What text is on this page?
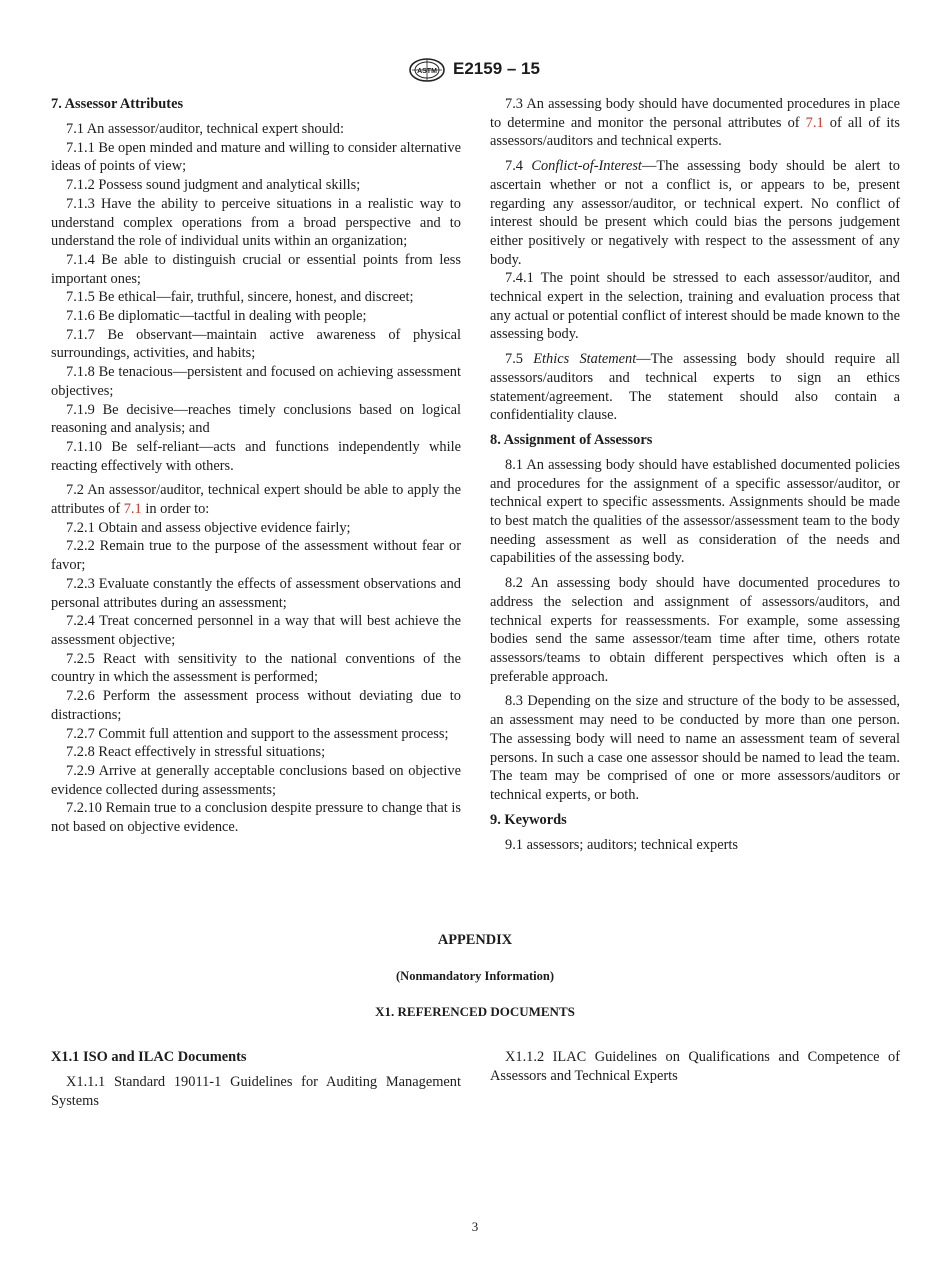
ASTM E2159 – 15
7. Assessor Attributes

7.1 An assessor/auditor, technical expert should:

7.1.1 Be open minded and mature and willing to consider alternative ideas of points of view;

7.1.2 Possess sound judgment and analytical skills;

7.1.3 Have the ability to perceive situations in a realistic way to understand complex operations from a broad perspective and to understand the role of individual units within an organization;

7.1.4 Be able to distinguish crucial or essential points from less important ones;

7.1.5 Be ethical—fair, truthful, sincere, honest, and discreet;

7.1.6 Be diplomatic—tactful in dealing with people;

7.1.7 Be observant—maintain active awareness of physical surroundings, activities, and habits;

7.1.8 Be tenacious—persistent and focused on achieving assessment objectives;

7.1.9 Be decisive—reaches timely conclusions based on logical reasoning and analysis; and

7.1.10 Be self-reliant—acts and functions independently while reacting effectively with others.

7.2 An assessor/auditor, technical expert should be able to apply the attributes of 7.1 in order to:

7.2.1 Obtain and assess objective evidence fairly;

7.2.2 Remain true to the purpose of the assessment without fear or favor;

7.2.3 Evaluate constantly the effects of assessment observations and personal attributes during an assessment;

7.2.4 Treat concerned personnel in a way that will best achieve the assessment objective;

7.2.5 React with sensitivity to the national conventions of the country in which the assessment is performed;

7.2.6 Perform the assessment process without deviating due to distractions;

7.2.7 Commit full attention and support to the assessment process;

7.2.8 React effectively in stressful situations;

7.2.9 Arrive at generally acceptable conclusions based on objective evidence collected during assessments;

7.2.10 Remain true to a conclusion despite pressure to change that is not based on objective evidence.

7.3 An assessing body should have documented procedures in place to determine and monitor the personal attributes of 7.1 of all of its assessors/auditors and technical experts.

7.4 Conflict-of-Interest—The assessing body should be alert to ascertain whether or not a conflict is, or appears to be, present regarding any assessor/auditor, or technical expert. No conflict of interest should be present which could bias the persons judgement either positively or negatively with respect to the assessment of any body.

7.4.1 The point should be stressed to each assessor/auditor, and technical expert in the selection, training and evaluation process that any actual or potential conflict of interest should be made known to the assessing body.

7.5 Ethics Statement—The assessing body should require all assessors/auditors and technical experts to sign an ethics statement/agreement. The statement should also contain a confidentiality clause.

8. Assignment of Assessors

8.1 An assessing body should have established documented policies and procedures for the assignment of a specific assessor/auditor, or technical expert to specific assessments. Assignments should be made to best match the qualities of the assessor/assessment team to the body needing assessment as well as consideration of the needs and capabilities of the assessing body.

8.2 An assessing body should have documented procedures to address the selection and assignment of assessors/auditors, and technical experts for reassessments. For example, some assessing bodies send the same assessor/team time after time, others rotate assessors/teams to obtain different perspectives which often is a preferable approach.

8.3 Depending on the size and structure of the body to be assessed, an assessment may need to be conducted by more than one person. The assessing body will need to name an assessment team of several persons. In such a case one assessor should be named to lead the team. The team may be comprised of one or more assessors/auditors or technical experts, or both.

9. Keywords

9.1 assessors; auditors; technical experts

APPENDIX
(Nonmandatory Information)
X1. REFERENCED DOCUMENTS
X1.1 ISO and ILAC Documents

X1.1.1 Standard 19011-1 Guidelines for Auditing Management Systems

X1.1.2 ILAC Guidelines on Qualifications and Competence of Assessors and Technical Experts

3
